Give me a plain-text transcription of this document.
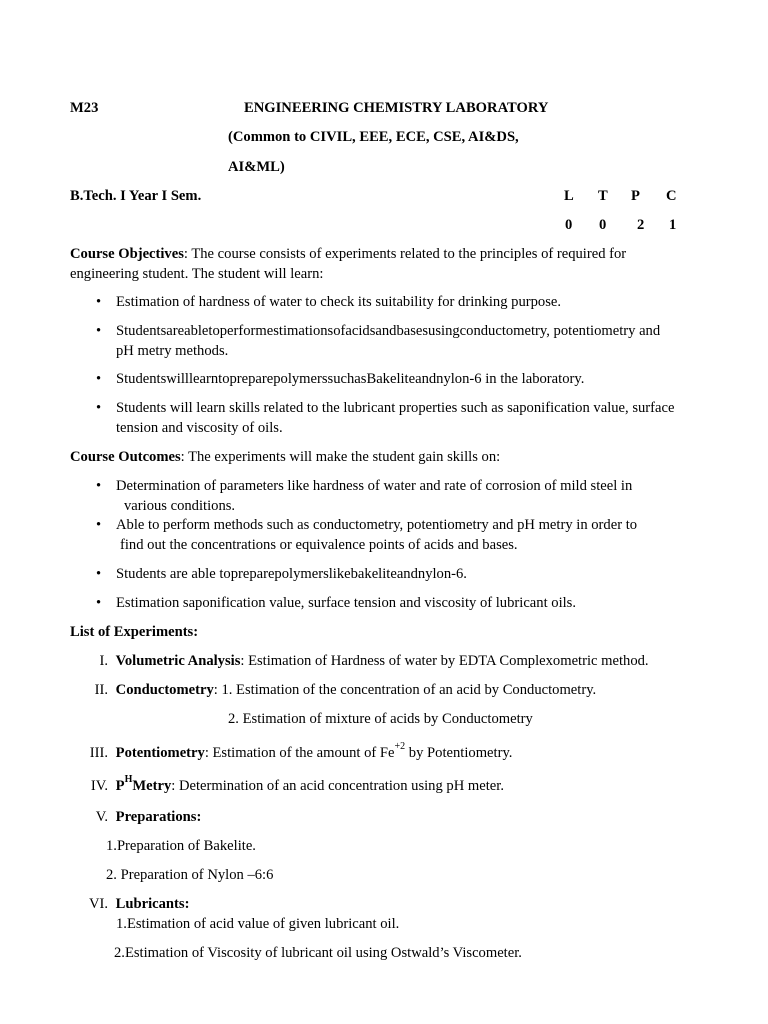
M23	ENGINEERING CHEMISTRY LABORATORY
(Common to CIVIL, EEE, ECE, CSE, AI&DS,
AI&ML)
B.Tech. I Year I Sem.	L T P C
0 0 2 1
Course Objectives: The course consists of experiments related to the principles of required for engineering student. The student will learn:
• Estimation of hardness of water to check its suitability for drinking purpose.
• Studentsareabletoperformestimationsofacidsandbasesusingconductometry, potentiometry and pH metry methods.
• StudentswilllearntopreparepolymerssuchasBakeliteandnylon-6 in the laboratory.
• Students will learn skills related to the lubricant properties such as saponification value, surface tension and viscosity of oils.
Course Outcomes: The experiments will make the student gain skills on:
• Determination of parameters like hardness of water and rate of corrosion of mild steel in
various conditions.
• Able to perform methods such as conductometry, potentiometry and pH metry in order to
find out the concentrations or equivalence points of acids and bases.
• Students are able topreparepolymerslikebakeliteandnylon-6.
• Estimation saponification value, surface tension and viscosity of lubricant oils.
List of Experiments:
I. Volumetric Analysis: Estimation of Hardness of water by EDTA Complexometric method.
II. Conductometry: 1. Estimation of the concentration of an acid by Conductometry.
2. Estimation of mixture of acids by Conductometry
III. Potentiometry: Estimation of the amount of $Fe^{+2}$ by Potentiometry.
IV. $P^HMetry$: Determination of an acid concentration using pH meter.
V. Preparations:
1.Preparation of Bakelite.
2. Preparation of Nylon –6:6
VI. Lubricants:
1.Estimation of acid value of given lubricant oil.
2.Estimation of Viscosity of lubricant oil using Ostwald’s Viscometer.
